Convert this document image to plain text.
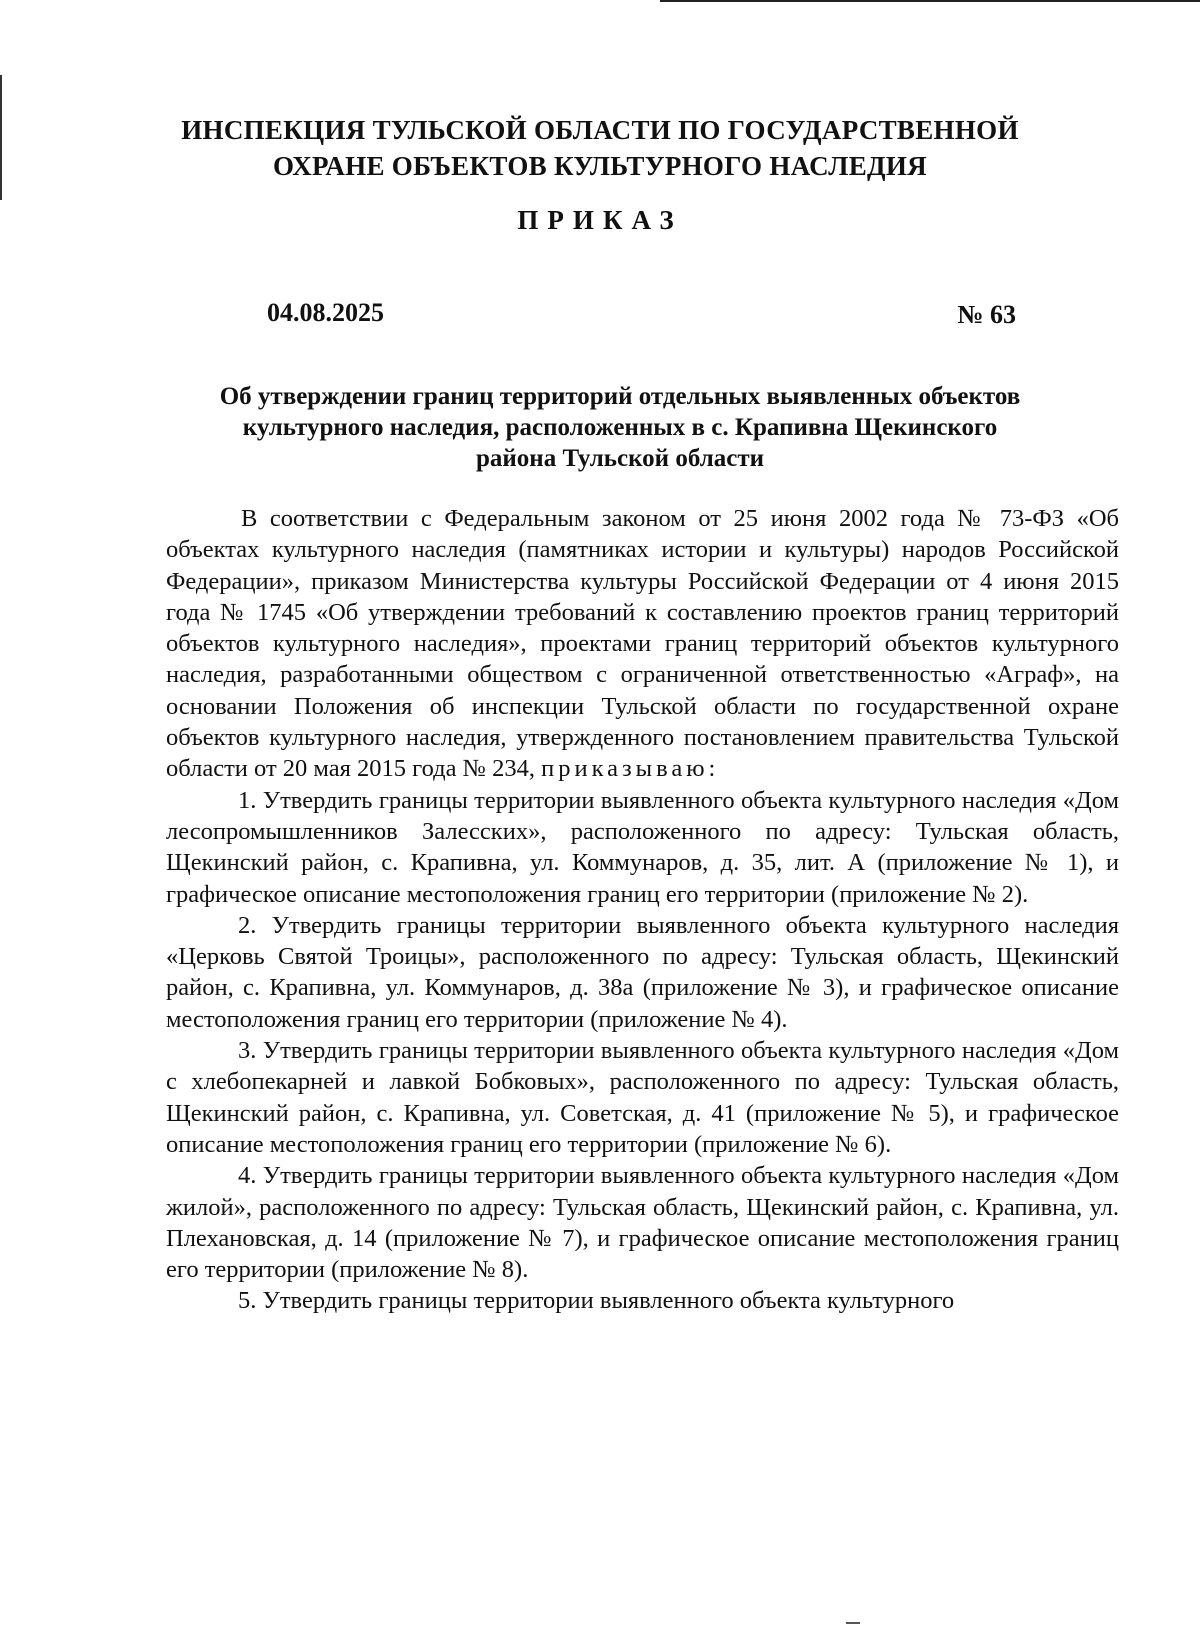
ИНСПЕКЦИЯ ТУЛЬСКОЙ ОБЛАСТИ ПО ГОСУДАРСТВЕННОЙ
ОХРАНЕ ОБЪЕКТОВ КУЛЬТУРНОГО НАСЛЕДИЯ
ПРИКАЗ
04.08.2025	№ 63
Об утверждении границ территорий отдельных выявленных объектов
культурного наследия, расположенных в с. Крапивна Щекинского
района Тульской области

В соответствии с Федеральным законом от 25 июня 2002 года № 73-ФЗ «Об объектах культурного наследия (памятниках истории и культуры) народов Российской Федерации», приказом Министерства культуры Российской Федерации от 4 июня 2015 года № 1745 «Об утверждении требований к составлению проектов границ территорий объектов культурного наследия», проектами границ территорий объектов культурного наследия, разработанными обществом с ограниченной ответственностью «Аграф», на основании Положения об инспекции Тульской области по государственной охране объектов культурного наследия, утвержденного постановлением правительства Тульской области от 20 мая 2015 года № 234, приказываю:

1. Утвердить границы территории выявленного объекта культурного наследия «Дом лесопромышленников Залесских», расположенного по адресу: Тульская область, Щекинский район, с. Крапивна, ул. Коммунаров, д. 35, лит. А (приложение № 1), и графическое описание местоположения границ его территории (приложение № 2).

2. Утвердить границы территории выявленного объекта культурного наследия «Церковь Святой Троицы», расположенного по адресу: Тульская область, Щекинский район, с. Крапивна, ул. Коммунаров, д. 38а (приложение № 3), и графическое описание местоположения границ его территории (приложение № 4).

3. Утвердить границы территории выявленного объекта культурного наследия «Дом с хлебопекарней и лавкой Бобковых», расположенного по адресу: Тульская область, Щекинский район, с. Крапивна, ул. Советская, д. 41 (приложение № 5), и графическое описание местоположения границ его территории (приложение № 6).

4. Утвердить границы территории выявленного объекта культурного наследия «Дом жилой», расположенного по адресу: Тульская область, Щекинский район, с. Крапивна, ул. Плехановская, д. 14 (приложение № 7), и графическое описание местоположения границ его территории (приложение № 8).

5. Утвердить границы территории выявленного объекта культурного
